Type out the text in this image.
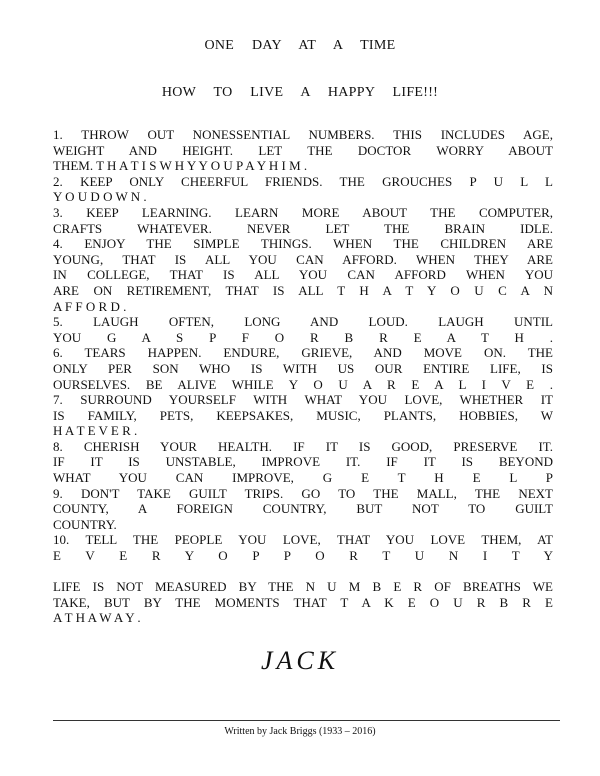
ONE DAY AT A TIME
HOW TO LIVE A HAPPY LIFE!!!
1. THROW OUT NONESSENTIAL NUMBERS. THIS INCLUDES AGE,
WEIGHT AND HEIGHT. LET THE DOCTOR WORRY ABOUT
THEM. T H A T I S W H Y Y O U P A Y H I M .
2. KEEP ONLY CHEERFUL FRIENDS. THE GROUCHES P U L L
Y O U D O W N .
3. KEEP LEARNING. LEARN MORE ABOUT THE COMPUTER,
CRAFTS WHATEVER. NEVER LET THE BRAIN IDLE.
4. ENJOY THE SIMPLE THINGS. WHEN THE CHILDREN ARE
YOUNG, THAT IS ALL YOU CAN AFFORD. WHEN THEY ARE
IN COLLEGE, THAT IS ALL YOU CAN AFFORD WHEN YOU
ARE ON RETIREMENT, THAT IS ALL T H A T Y O U C A N
A F F O R D .
5. LAUGH OFTEN, LONG AND LOUD. LAUGH UNTIL
YOU G A S P F O R B R E A T H .
6. TEARS HAPPEN. ENDURE, GRIEVE, AND MOVE ON. THE
ONLY PER SON WHO IS WITH US OUR ENTIRE LIFE, IS
OURSELVES. BE ALIVE WHILE Y O U A R E A L I V E .
7. SURROUND YOURSELF WITH WHAT YOU LOVE, WHETHER IT
IS FAMILY, PETS, KEEPSAKES, MUSIC, PLANTS, HOBBIES, W
H A T E V E R .
8. CHERISH YOUR HEALTH. IF IT IS GOOD, PRESERVE IT.
IF IT IS UNSTABLE, IMPROVE IT. IF IT IS BEYOND
WHAT YOU CAN IMPROVE, G E T H E L P
9. DON'T TAKE GUILT TRIPS. GO TO THE MALL, THE NEXT
COUNTY, A FOREIGN COUNTRY, BUT NOT TO GUILT
COUNTRY.
10. TELL THE PEOPLE YOU LOVE, THAT YOU LOVE THEM, AT
E V E R Y O P P O R T U N I T Y
LIFE IS NOT MEASURED BY THE N U M B E R OF BREATHS WE
TAKE, BUT BY THE MOMENTS THAT T A K E O U R B R E
A T H A W A Y .
JACK
Written by Jack Briggs (1933 – 2016)
